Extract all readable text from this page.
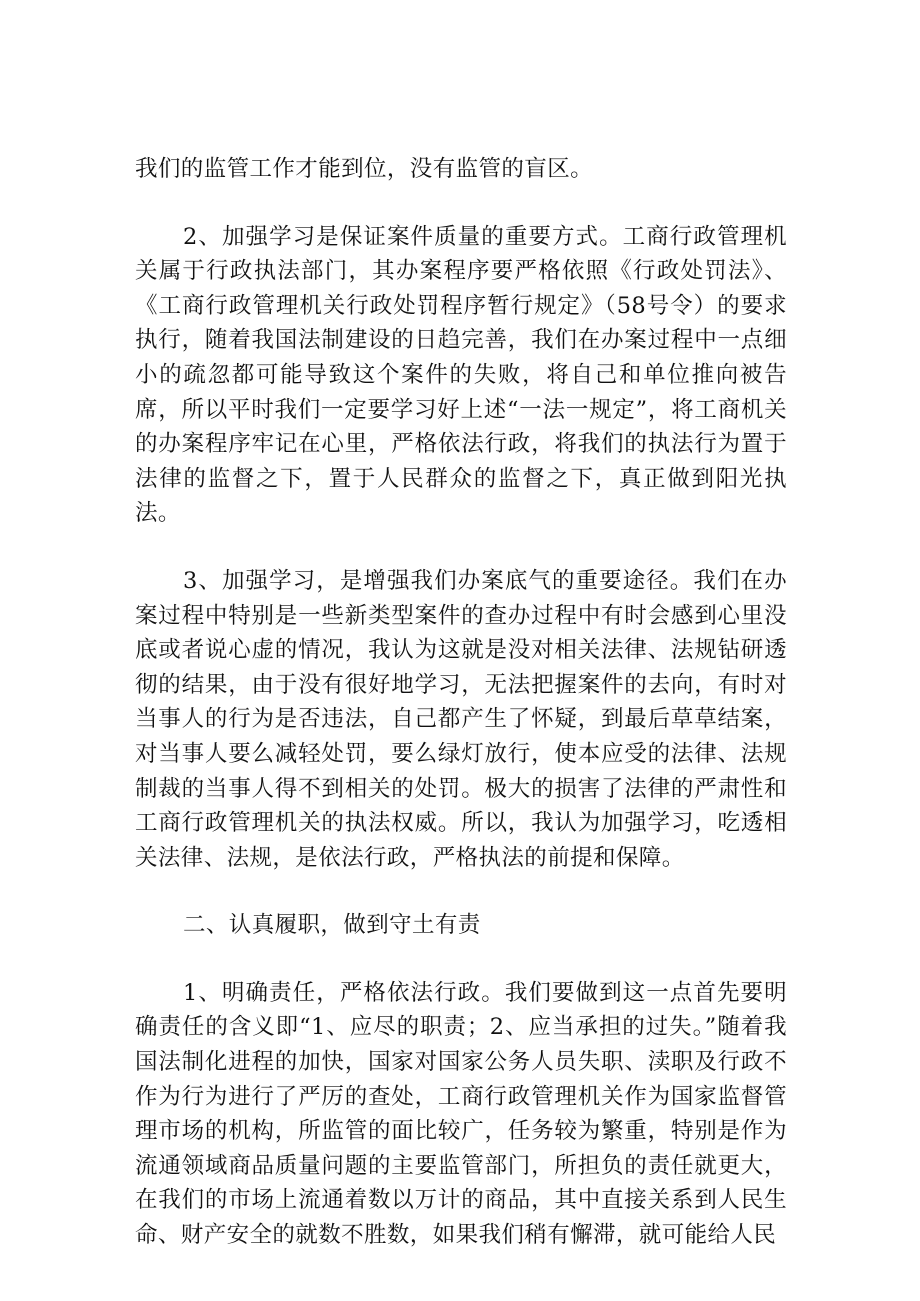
我们的监管工作才能到位，没有监管的盲区。

2、加强学习是保证案件质量的重要方式。工商行政管理机关属于行政执法部门，其办案程序要严格依照《行政处罚法》、《工商行政管理机关行政处罚程序暂行规定》（58号令）的要求执行，随着我国法制建设的日趋完善，我们在办案过程中一点细小的疏忽都可能导致这个案件的失败，将自己和单位推向被告席，所以平时我们一定要学习好上述“一法一规定”，将工商机关的办案程序牢记在心里，严格依法行政，将我们的执法行为置于法律的监督之下，置于人民群众的监督之下，真正做到阳光执法。

3、加强学习，是增强我们办案底气的重要途径。我们在办案过程中特别是一些新类型案件的查办过程中有时会感到心里没底或者说心虚的情况，我认为这就是没对相关法律、法规钻研透彻的结果，由于没有很好地学习，无法把握案件的去向，有时对当事人的行为是否违法，自己都产生了怀疑，到最后草草结案，对当事人要么减轻处罚，要么绿灯放行，使本应受的法律、法规制裁的当事人得不到相关的处罚。极大的损害了法律的严肃性和工商行政管理机关的执法权威。所以，我认为加强学习，吃透相关法律、法规，是依法行政，严格执法的前提和保障。

二、认真履职，做到守土有责

1、明确责任，严格依法行政。我们要做到这一点首先要明确责任的含义即“1、应尽的职责；2、应当承担的过失。”随着我国法制化进程的加快，国家对国家公务人员失职、渎职及行政不作为行为进行了严厉的查处，工商行政管理机关作为国家监督管理市场的机构，所监管的面比较广，任务较为繁重，特别是作为流通领域商品质量问题的主要监管部门，所担负的责任就更大，在我们的市场上流通着数以万计的商品，其中直接关系到人民生命、财产安全的就数不胜数，如果我们稍有懈滞，就可能给人民
